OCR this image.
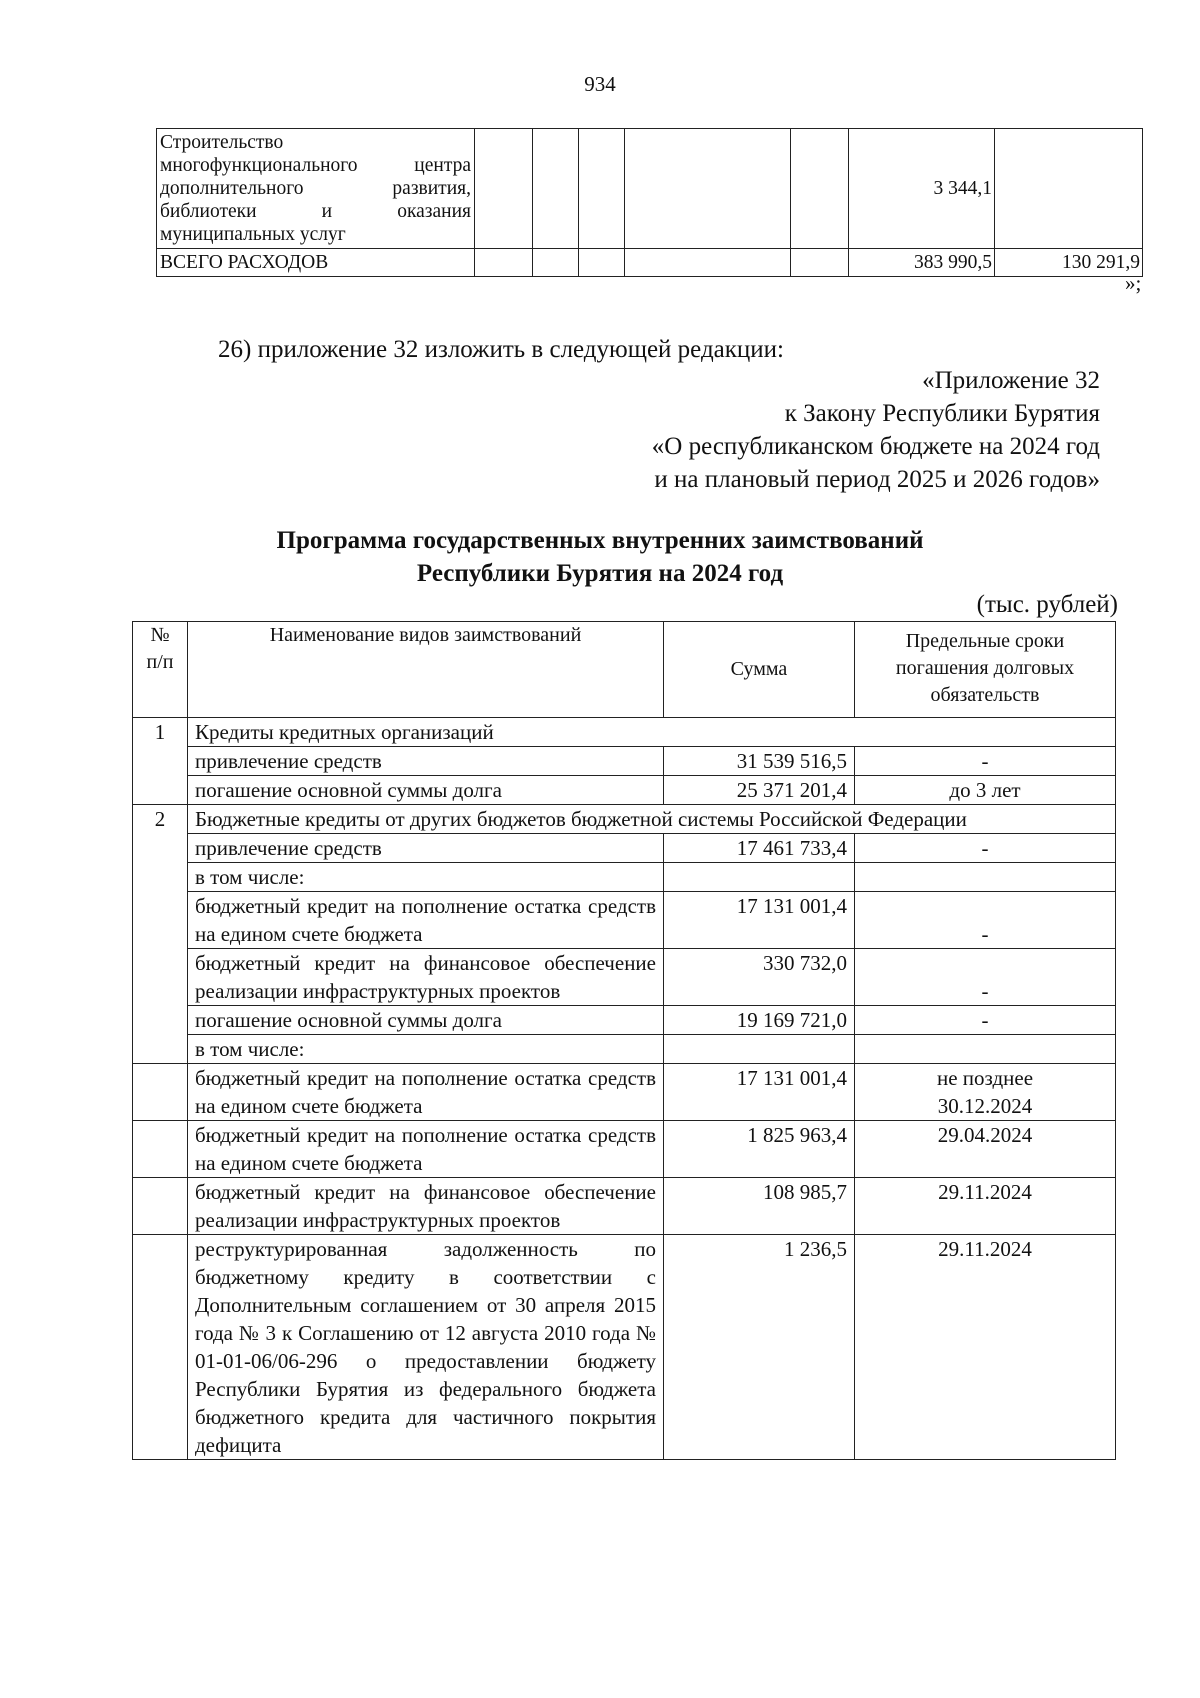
934
Строительство многофункционального центра дополнительного развития, библиотеки и оказания муниципальных услуг						3 344,1	
ВСЕГО РАСХОДОВ						383 990,5	130 291,9
»;
26) приложение 32 изложить в следующей редакции:
«Приложение 32
к Закону Республики Бурятия
«О республиканском бюджете на 2024 год
и на плановый период 2025 и 2026 годов»
Программа государственных внутренних заимствований
Республики Бурятия на 2024 год
(тыс. рублей)
№ п/п	Наименование видов заимствований	Сумма	Предельные сроки погашения долговых обязательств
1	Кредиты кредитных организаций		
	привлечение средств	31 539 516,5	-
	погашение основной суммы долга	25 371 201,4	до 3 лет
2	Бюджетные кредиты от других бюджетов бюджетной системы Российской Федерации		
	привлечение средств	17 461 733,4	-
	в том числе:		
	бюджетный кредит на пополнение остатка средств на едином счете бюджета	17 131 001,4	-
	бюджетный кредит на финансовое обеспечение реализации инфраструктурных проектов	330 732,0	-
	погашение основной суммы долга	19 169 721,0	-
	в том числе:		
	бюджетный кредит на пополнение остатка средств на едином счете бюджета	17 131 001,4	не позднее 30.12.2024
	бюджетный кредит на пополнение остатка средств на едином счете бюджета	1 825 963,4	29.04.2024
	бюджетный кредит на финансовое обеспечение реализации инфраструктурных проектов	108 985,7	29.11.2024
	реструктурированная задолженность по бюджетному кредиту в соответствии с Дополнительным соглашением от 30 апреля 2015 года № 3 к Соглашению от 12 августа 2010 года № 01-01-06/06-296 о предоставлении бюджету Республики Бурятия из федерального бюджета бюджетного кредита для частичного покрытия дефицита	1 236,5	29.11.2024
